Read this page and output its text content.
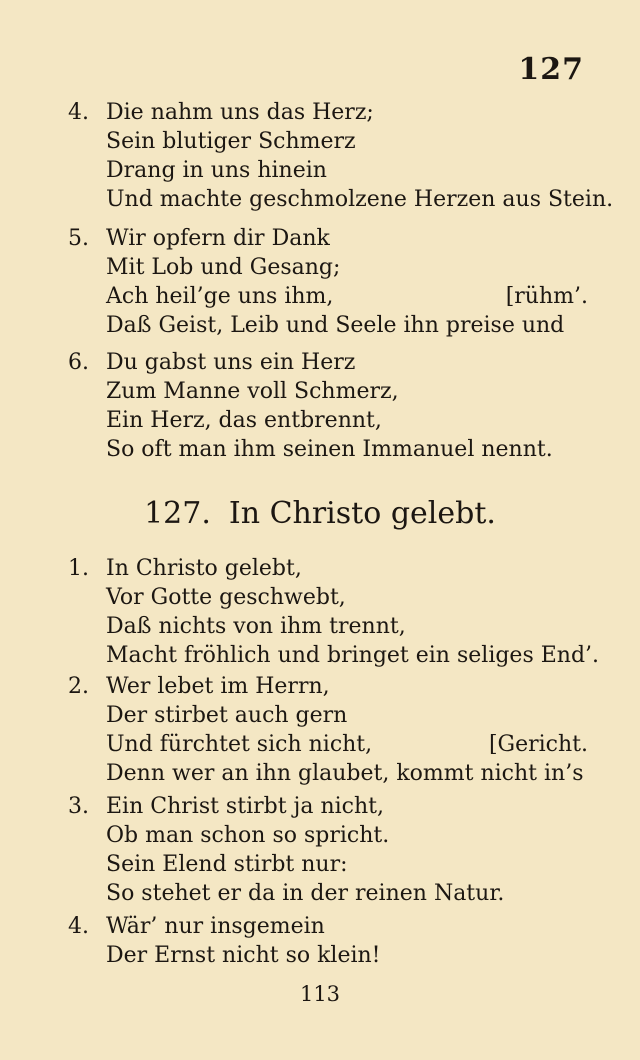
127
4. Die nahm uns das Herz;
Sein blutiger Schmerz
Drang in uns hinein
Und machte geschmolzene Herzen aus Stein.
5. Wir opfern dir Dank
Mit Lob und Gesang;
Ach heil’ge uns ihm,	[rühm’.
Daß Geist, Leib und Seele ihn preise und
6. Du gabst uns ein Herz
Zum Manne voll Schmerz,
Ein Herz, das entbrennt,
So oft man ihm seinen Immanuel nennt.
127. In Christo gelebt.
1. In Christo gelebt,
Vor Gotte geschwebt,
Daß nichts von ihm trennt,
Macht fröhlich und bringet ein seliges End’.
2. Wer lebet im Herrn,
Der stirbet auch gern
Und fürchtet sich nicht,	[Gericht.
Denn wer an ihn glaubet, kommt nicht in’s
3. Ein Christ stirbt ja nicht,
Ob man schon so spricht.
Sein Elend stirbt nur:
So stehet er da in der reinen Natur.
4. Wär’ nur insgemein
Der Ernst nicht so klein!
113
